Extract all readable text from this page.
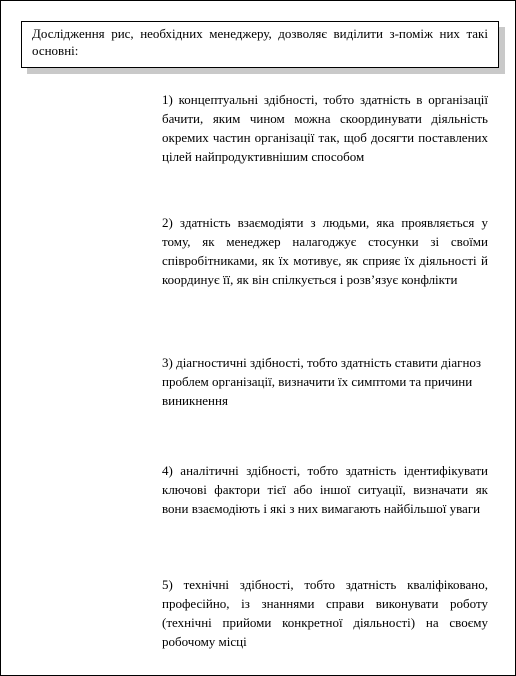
Дослідження рис, необхідних менеджеру, дозволяє виділити з-поміж них такі основні:
1) концептуальні здібності, тобто здатність в організації бачити, яким чином можна скоординувати діяльність окремих частин організації так, щоб досягти поставлених цілей найпродуктивнішим способом
2) здатність взаємодіяти з людьми, яка проявляється у тому, як менеджер налагоджує стосунки зі своїми співробітниками, як їх мотивує, як сприяє їх діяльності й координує її, як він спілкується і розв’язує конфлікти
3) діагностичні здібності, тобто здатність ставити діагноз проблем організації, визначити їх симптоми та причини виникнення
4) аналітичні здібності, тобто здатність ідентифікувати ключові фактори тієї або іншої ситуації, визначати як вони взаємодіють і які з них вимагають найбільшої уваги
5) технічні здібності, тобто здатність кваліфіковано, професійно, із знаннями справи виконувати роботу (технічні прийоми конкретної діяльності) на своєму робочому місці
